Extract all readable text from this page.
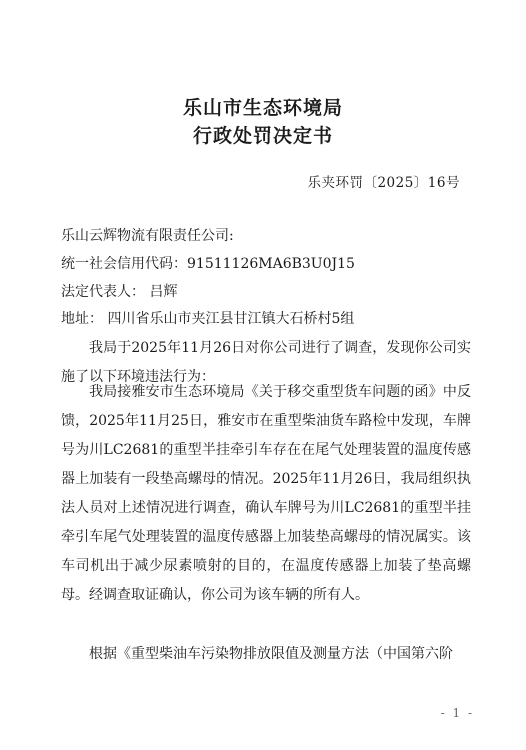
乐山市生态环境局
行政处罚决定书
乐夹环罚〔2025〕16号
乐山云辉物流有限责任公司:
统一社会信用代码：91511126MA6B3U0J15
法定代表人： 吕辉
地址： 四川省乐山市夹江县甘江镇大石桥村5组
我局于2025年11月26日对你公司进行了调查，发现你公司实施了以下环境违法行为：
我局接雅安市生态环境局《关于移交重型货车问题的函》中反馈，2025年11月25日，雅安市在重型柴油货车路检中发现，车牌号为川LC2681的重型半挂牵引车存在在尾气处理装置的温度传感器上加装有一段垫高螺母的情况。2025年11月26日，我局组织执法人员对上述情况进行调查，确认车牌号为川LC2681的重型半挂牵引车尾气处理装置的温度传感器上加装垫高螺母的情况属实。该车司机出于减少尿素喷射的目的，在温度传感器上加装了垫高螺母。经调查取证确认，你公司为该车辆的所有人。
根据《重型柴油车污染物排放限值及测量方法（中国第六阶
- 1 -
